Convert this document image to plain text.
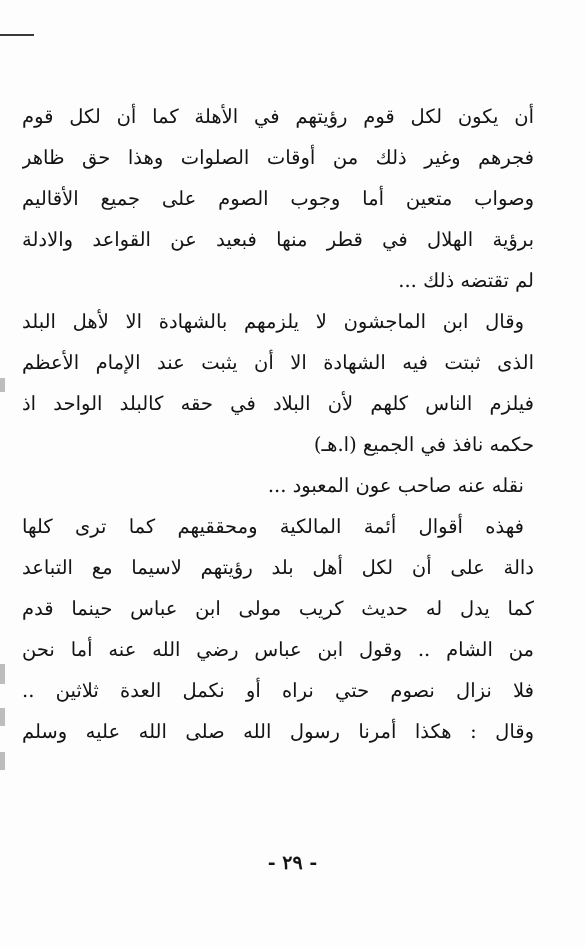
أن يكون لكل قوم رؤيتهم في الأهلة كما أن لكل قوم
فجرهم وغير ذلك من أوقات الصلوات وهذا حق ظاهر
وصواب متعين أما وجوب الصوم على جميع الأقاليم
برؤية الهلال في قطر منها فبعيد عن القواعد والادلة
لم تقتضه ذلك ...
وقال ابن الماجشون لا يلزمهم بالشهادة الا لأهل البلد
الذى ثبتت فيه الشهادة الا أن يثبت عند الإمام الأعظم
فيلزم الناس كلهم لأن البلاد في حقه كالبلد الواحد اذ
حكمه نافذ في الجميع (ا.هـ)
نقله عنه صاحب عون المعبود ...
فهذه أقوال أئمة المالكية ومحققيهم كما ترى كلها
دالة على أن لكل أهل بلد رؤيتهم لاسيما مع التباعد
كما يدل له حديث كريب مولى ابن عباس حينما قدم
من الشام .. وقول ابن عباس رضي الله عنه أما نحن
فلا نزال نصوم حتي نراه أو نكمل العدة ثلاثين ..
وقال : هكذا أمرنا رسول الله صلى الله عليه وسلم
- ٢٩ -
